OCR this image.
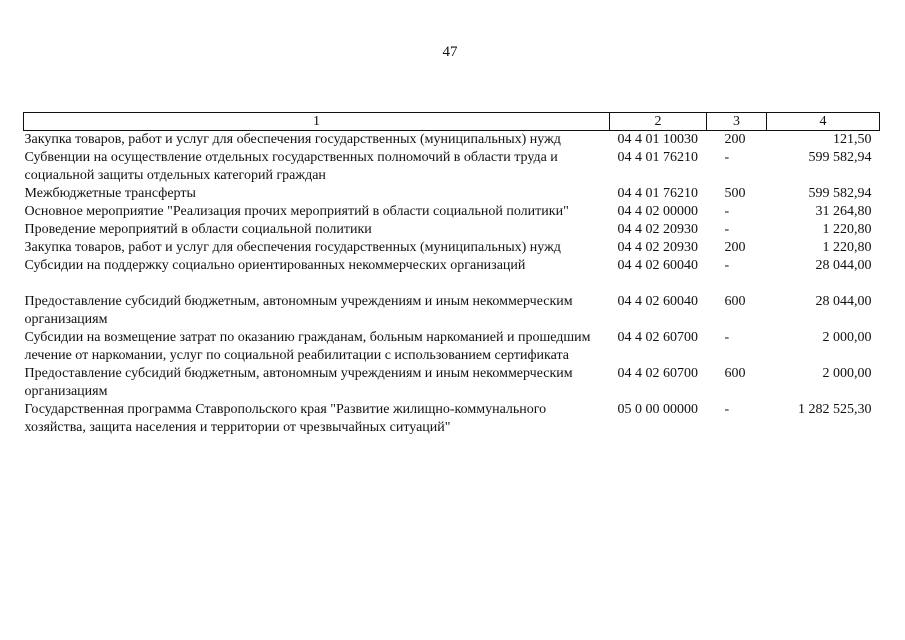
47
1	2	3	4
Закупка товаров, работ и услуг для обеспечения государственных (муниципальных) нужд	04 4 01 10030	200	121,50
Субвенции на осуществление отдельных государственных полномочий в области труда и социальной защиты отдельных категорий граждан	04 4 01 76210	-	599 582,94
Межбюджетные трансферты	04 4 01 76210	500	599 582,94
Основное мероприятие "Реализация прочих мероприятий в области социальной политики"	04 4 02 00000	-	31 264,80
Проведение мероприятий в области социальной политики	04 4 02 20930	-	1 220,80
Закупка товаров, работ и услуг для обеспечения государственных (муниципальных) нужд	04 4 02 20930	200	1 220,80
Субсидии на поддержку социально ориентированных некоммерческих организаций	04 4 02 60040	-	28 044,00
Предоставление субсидий бюджетным, автономным учреждениям и иным некоммерческим организациям	04 4 02 60040	600	28 044,00
Субсидии на возмещение затрат по оказанию гражданам, больным наркоманией и прошедшим лечение от наркомании, услуг по социальной реабилитации с использованием сертификата	04 4 02 60700	-	2 000,00
Предоставление субсидий бюджетным, автономным учреждениям и иным некоммерческим организациям	04 4 02 60700	600	2 000,00
Государственная программа Ставропольского края "Развитие жилищно-коммунального хозяйства, защита населения и территории от чрезвычайных ситуаций"	05 0 00 00000	-	1 282 525,30
